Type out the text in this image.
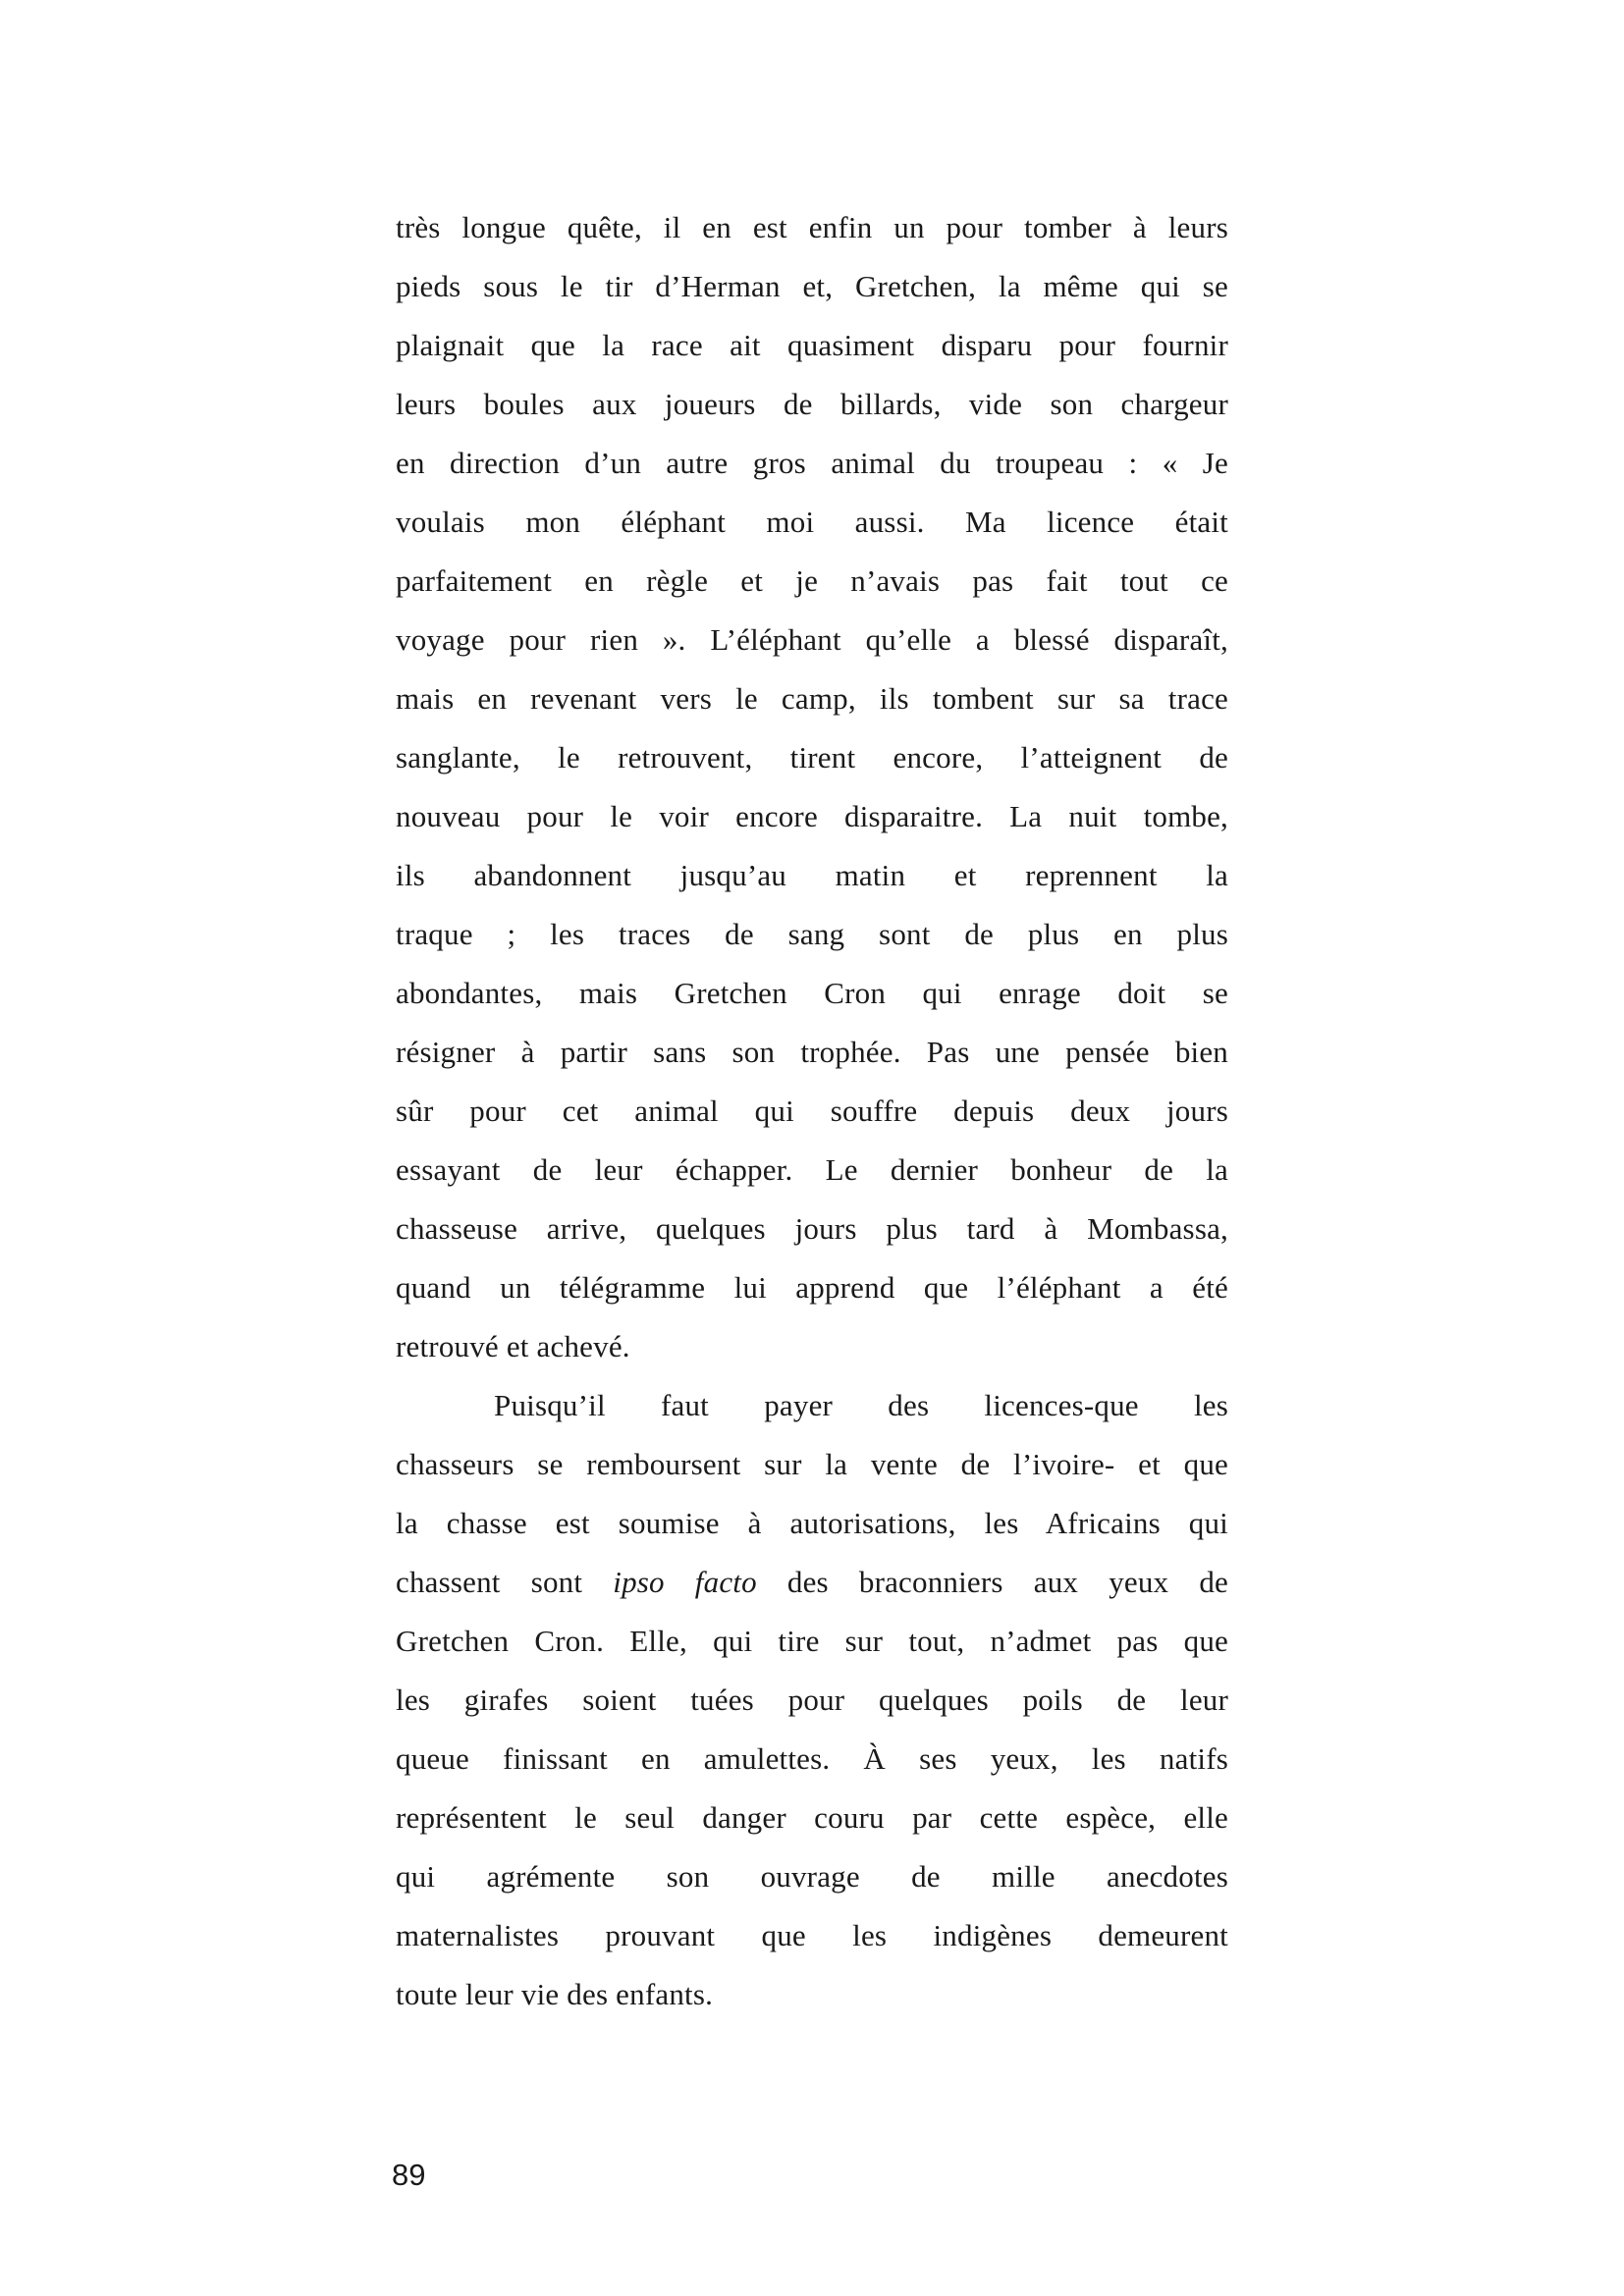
très longue quête, il en est enfin un pour tomber à leurs
pieds sous le tir d’Herman et, Gretchen, la même qui se
plaignait que la race ait quasiment disparu pour fournir
leurs boules aux joueurs de billards, vide son chargeur
en direction d’un autre gros animal du troupeau : « Je
voulais mon éléphant moi aussi. Ma licence était
parfaitement en règle et je n’avais pas fait tout ce
voyage pour rien ». L’éléphant qu’elle a blessé disparaît,
mais en revenant vers le camp, ils tombent sur sa trace
sanglante, le retrouvent, tirent encore, l’atteignent de
nouveau pour le voir encore disparaitre. La nuit tombe,
ils abandonnent jusqu’au matin et reprennent la
traque ; les traces de sang sont de plus en plus
abondantes, mais Gretchen Cron qui enrage doit se
résigner à partir sans son trophée. Pas une pensée bien
sûr pour cet animal qui souffre depuis deux jours
essayant de leur échapper. Le dernier bonheur de la
chasseuse arrive, quelques jours plus tard à Mombassa,
quand un télégramme lui apprend que l’éléphant a été
retrouvé et achevé.
Puisqu’il faut payer des licences-que les
chasseurs se remboursent sur la vente de l’ivoire- et que
la chasse est soumise à autorisations, les Africains qui
chassent sont ipso facto des braconniers aux yeux de
Gretchen Cron. Elle, qui tire sur tout, n’admet pas que
les girafes soient tuées pour quelques poils de leur
queue finissant en amulettes. À ses yeux, les natifs
représentent le seul danger couru par cette espèce, elle
qui agrémente son ouvrage de mille anecdotes
maternalistes prouvant que les indigènes demeurent
toute leur vie des enfants.
89
